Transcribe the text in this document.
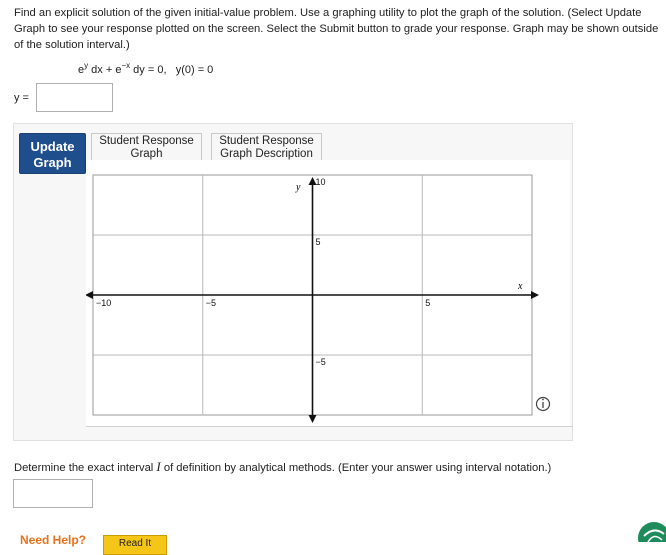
Find an explicit solution of the given initial-value problem. Use a graphing utility to plot the graph of the solution. (Select Update Graph to see your response plotted on the screen. Select the Submit button to grade your response. Graph may be shown outside of the solution interval.)

$e^y$ dx + $e^{-x}$ dy = 0, y(0) = 0
y =
Update
Graph
Student Response
Graph
Student Response
Graph Description
−10	−5	5
10
5
−5
x
y
Determine the exact interval I of definition by analytical methods. (Enter your answer using interval notation.)
Need Help?	Read It
